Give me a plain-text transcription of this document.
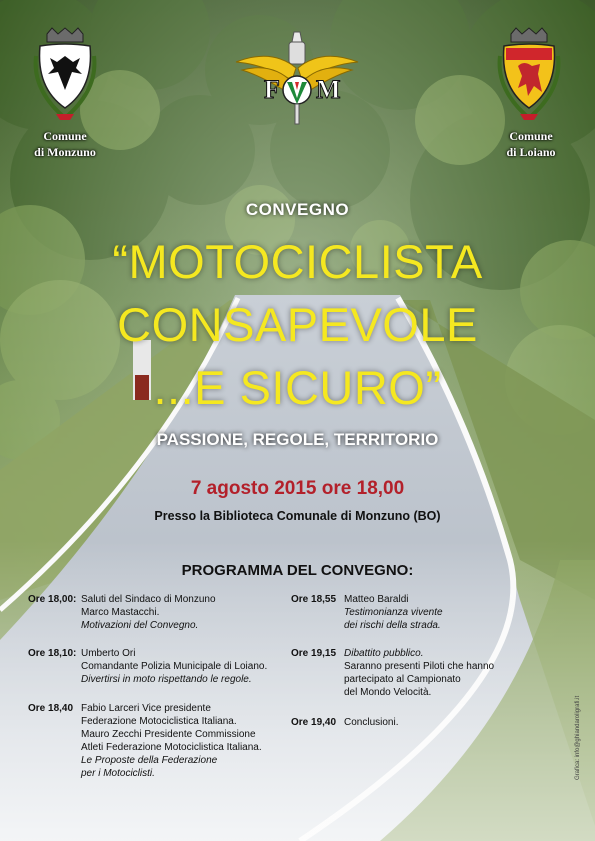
Comune
di Monzuno
Comune
di Loiano
F M
CONVEGNO
“MOTOCICLISTA
CONSAPEVOLE
...E SICURO”
PASSIONE, REGOLE, TERRITORIO
7 agosto 2015 ore 18,00
Presso la Biblioteca Comunale di Monzuno (BO)
PROGRAMMA DEL CONVEGNO:
Ore 18,00: Saluti del Sindaco di Monzuno
Marco Mastacchi.
Motivazioni del Convegno.
Ore 18,10: Umberto Ori
Comandante Polizia Municipale di Loiano.
Divertirsi in moto rispettando le regole.
Ore 18,40 Fabio Larceri Vice presidente
Federazione Motociclistica Italiana.
Mauro Zecchi Presidente Commissione
Atleti Federazione Motociclistica Italiana.
Le Proposte della Federazione
per i Motociclisti.
Ore 18,55 Matteo Baraldi
Testimonianza vivente
dei rischi della strada.
Ore 19,15 Dibattito pubblico.
Saranno presenti Piloti che hanno
partecipato al Campionato
del Mondo Velocità.
Ore 19,40 Conclusioni.	Grafica: info@ghiandaroligrafi.it
